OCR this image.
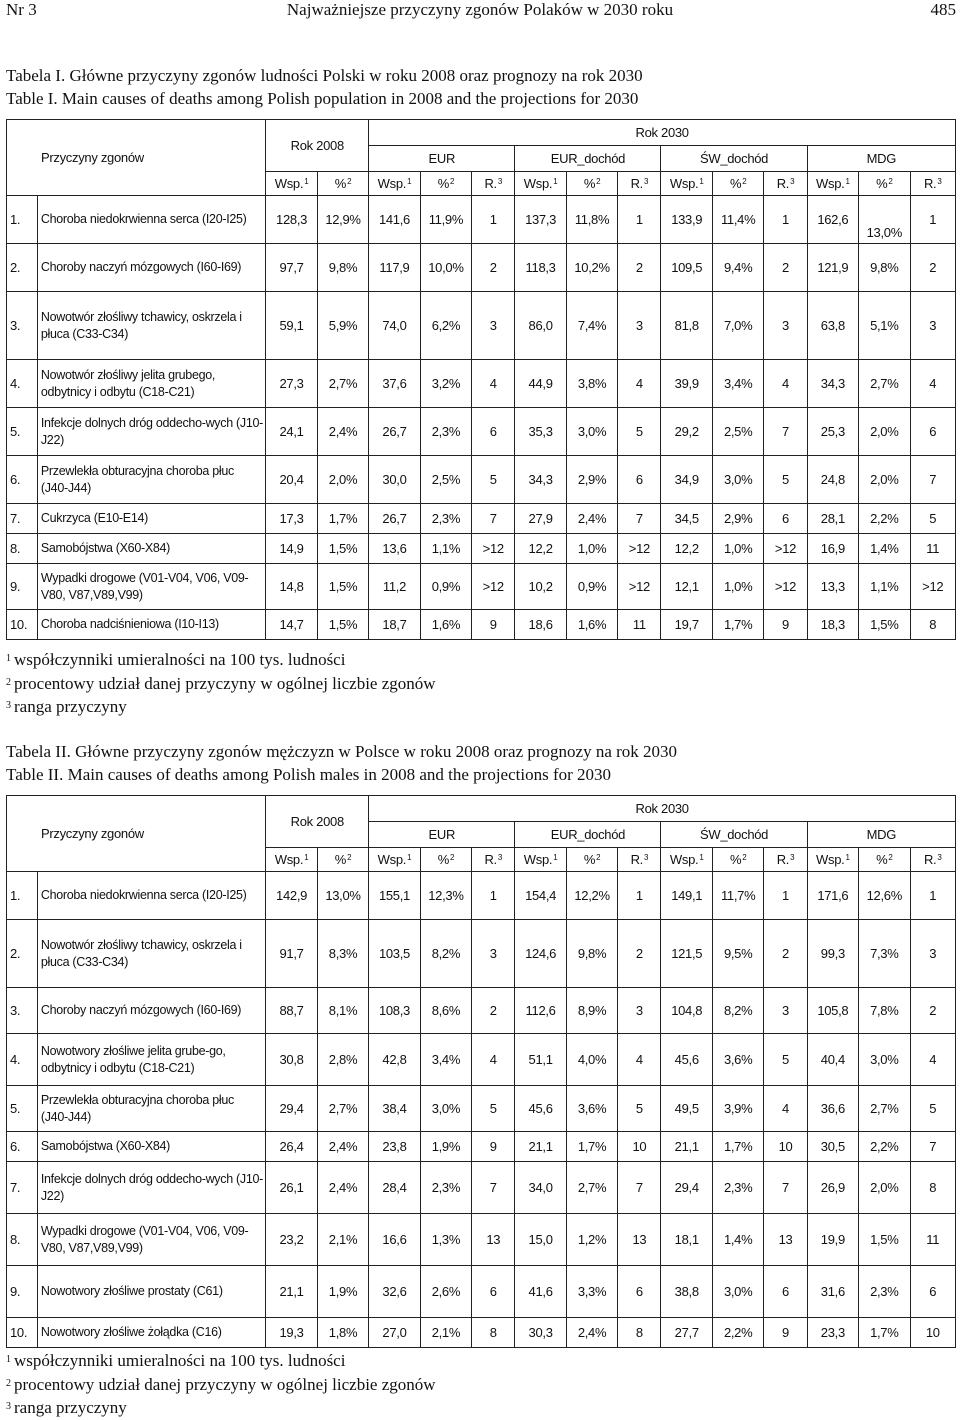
Nr 3	Najważniejsze przyczyny zgonów Polaków w 2030 roku	485
Tabela I. Główne przyczyny zgonów ludności Polski w roku 2008 oraz prognozy na rok 2030
Table I. Main causes of deaths among Polish population in 2008 and the projections for 2030
Przyczyny zgonów		Rok 2008		Rok 2030											
				EUR			EUR_dochód			ŚW_dochód			MDG		
		Wsp.$^1$	%$^2$	Wsp.$^1$	%$^2$	R.$^3$	Wsp.$^1$	%$^2$	R.$^3$	Wsp.$^1$	%$^2$	R.$^3$	Wsp.$^1$	%$^2$	R.$^3$
1.	Choroba niedokrwienna serca (I20-I25)	128,3	12,9%	141,6	11,9%	1	137,3	11,8%	1	133,9	11,4%	1	162,6	13,0%	1
2.	Choroby naczyń mózgowych (I60-I69)	97,7	9,8%	117,9	10,0%	2	118,3	10,2%	2	109,5	9,4%	2	121,9	9,8%	2
3.	Nowotwór złośliwy tchawicy, oskrzela i płuca (C33-C34)	59,1	5,9%	74,0	6,2%	3	86,0	7,4%	3	81,8	7,0%	3	63,8	5,1%	3
4.	Nowotwór złośliwy jelita grubego, odbytnicy i odbytu (C18-C21)	27,3	2,7%	37,6	3,2%	4	44,9	3,8%	4	39,9	3,4%	4	34,3	2,7%	4
5.	Infekcje dolnych dróg oddecho-wych (J10-J22)	24,1	2,4%	26,7	2,3%	6	35,3	3,0%	5	29,2	2,5%	7	25,3	2,0%	6
6.	Przewlekła obturacyjna choroba płuc (J40-J44)	20,4	2,0%	30,0	2,5%	5	34,3	2,9%	6	34,9	3,0%	5	24,8	2,0%	7
7.	Cukrzyca (E10-E14)	17,3	1,7%	26,7	2,3%	7	27,9	2,4%	7	34,5	2,9%	6	28,1	2,2%	5
8.	Samobójstwa (X60-X84)	14,9	1,5%	13,6	1,1%	>12	12,2	1,0%	>12	12,2	1,0%	>12	16,9	1,4%	11
9.	Wypadki drogowe (V01-V04, V06, V09-V80, V87,V89,V99)	14,8	1,5%	11,2	0,9%	>12	10,2	0,9%	>12	12,1	1,0%	>12	13,3	1,1%	>12
10.	Choroba nadciśnieniowa (I10-I13)	14,7	1,5%	18,7	1,6%	9	18,6	1,6%	11	19,7	1,7%	9	18,3	1,5%	8
$^1$ współczynniki umieralności na 100 tys. ludności
$^2$ procentowy udział danej przyczyny w ogólnej liczbie zgonów
$^3$ ranga przyczyny
Tabela II. Główne przyczyny zgonów mężczyzn w Polsce w roku 2008 oraz prognozy na rok 2030
Table II. Main causes of deaths among Polish males in 2008 and the projections for 2030
Przyczyny zgonów		Rok 2008		Rok 2030											
				EUR			EUR_dochód			ŚW_dochód			MDG		
		Wsp.$^1$	%$^2$	Wsp.$^1$	%$^2$	R.$^3$	Wsp.$^1$	%$^2$	R.$^3$	Wsp.$^1$	%$^2$	R.$^3$	Wsp.$^1$	%$^2$	R.$^3$
1.	Choroba niedokrwienna serca (I20-I25)	142,9	13,0%	155,1	12,3%	1	154,4	12,2%	1	149,1	11,7%	1	171,6	12,6%	1
2.	Nowotwór złośliwy tchawicy, oskrzela i płuca (C33-C34)	91,7	8,3%	103,5	8,2%	3	124,6	9,8%	2	121,5	9,5%	2	99,3	7,3%	3
3.	Choroby naczyń mózgowych (I60-I69)	88,7	8,1%	108,3	8,6%	2	112,6	8,9%	3	104,8	8,2%	3	105,8	7,8%	2
4.	Nowotwory złośliwe jelita grube-go, odbytnicy i odbytu (C18-C21)	30,8	2,8%	42,8	3,4%	4	51,1	4,0%	4	45,6	3,6%	5	40,4	3,0%	4
5.	Przewlekła obturacyjna choroba płuc (J40-J44)	29,4	2,7%	38,4	3,0%	5	45,6	3,6%	5	49,5	3,9%	4	36,6	2,7%	5
6.	Samobójstwa (X60-X84)	26,4	2,4%	23,8	1,9%	9	21,1	1,7%	10	21,1	1,7%	10	30,5	2,2%	7
7.	Infekcje dolnych dróg oddecho-wych (J10-J22)	26,1	2,4%	28,4	2,3%	7	34,0	2,7%	7	29,4	2,3%	7	26,9	2,0%	8
8.	Wypadki drogowe (V01-V04, V06, V09-V80, V87,V89,V99)	23,2	2,1%	16,6	1,3%	13	15,0	1,2%	13	18,1	1,4%	13	19,9	1,5%	11
9.	Nowotwory złośliwe prostaty (C61)	21,1	1,9%	32,6	2,6%	6	41,6	3,3%	6	38,8	3,0%	6	31,6	2,3%	6
10.	Nowotwory złośliwe żołądka (C16)	19,3	1,8%	27,0	2,1%	8	30,3	2,4%	8	27,7	2,2%	9	23,3	1,7%	10
$^1$ współczynniki umieralności na 100 tys. ludności
$^2$ procentowy udział danej przyczyny w ogólnej liczbie zgonów
$^3$ ranga przyczyny
